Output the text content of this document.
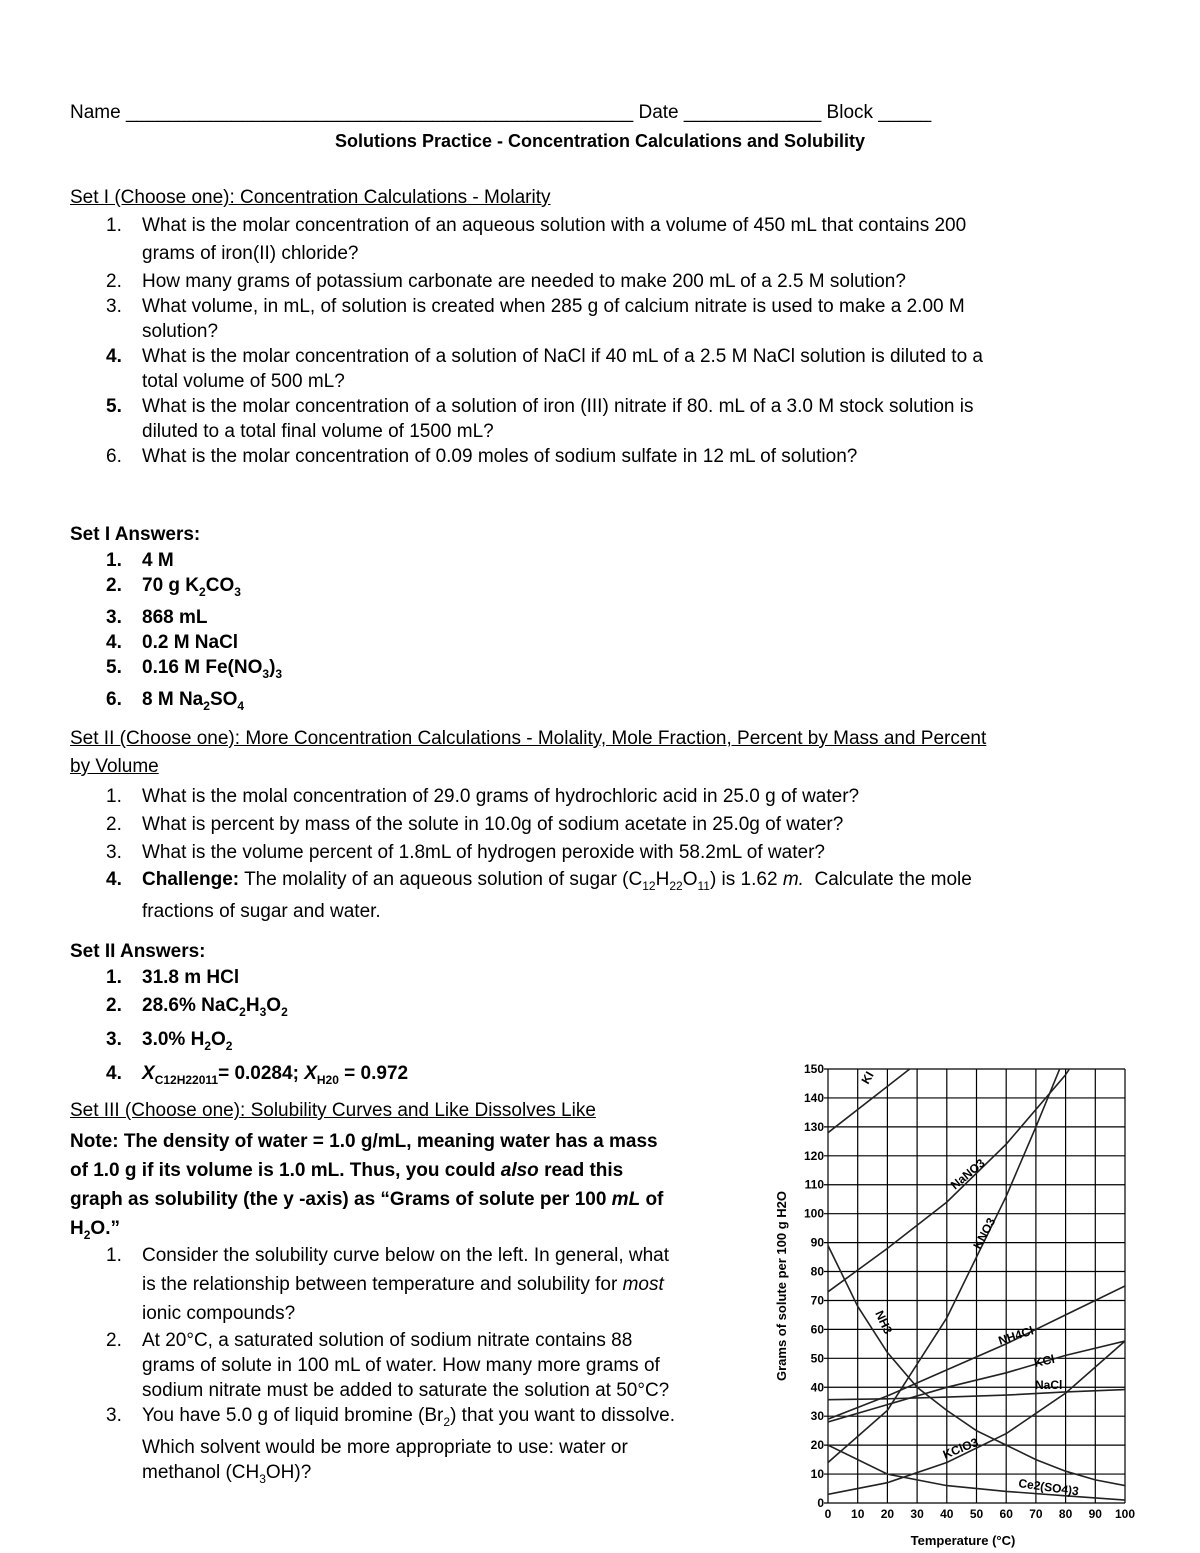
Name ________________________________________________ Date _____________ Block _____
Solutions Practice - Concentration Calculations and Solubility
Set I (Choose one): Concentration Calculations - Molarity
1. What is the molar concentration of an aqueous solution with a volume of 450 mL that contains 200
grams of iron(II) chloride?
2. How many grams of potassium carbonate are needed to make 200 mL of a 2.5 M solution?
3. What volume, in mL, of solution is created when 285 g of calcium nitrate is used to make a 2.00 M
solution?
4. What is the molar concentration of a solution of NaCl if 40 mL of a 2.5 M NaCl solution is diluted to a
total volume of 500 mL?
5. What is the molar concentration of a solution of iron (III) nitrate if 80. mL of a 3.0 M stock solution is
diluted to a total final volume of 1500 mL?
6. What is the molar concentration of 0.09 moles of sodium sulfate in 12 mL of solution?
Set I Answers:
1. 4 M
2. 70 g $K_2CO_3$
3. 868 mL
4. 0.2 M NaCl
5. 0.16 M $Fe(NO_3)_3$
6. 8 M $Na_2SO_4$
Set II (Choose one): More Concentration Calculations - Molality, Mole Fraction, Percent by Mass and Percent
by Volume
1. What is the molal concentration of 29.0 grams of hydrochloric acid in 25.0 g of water?
2. What is percent by mass of the solute in 10.0g of sodium acetate in 25.0g of water?
3. What is the volume percent of 1.8mL of hydrogen peroxide with 58.2mL of water?
4. Challenge: The molality of an aqueous solution of sugar $(C_{12}H_{22}O_{11})$ is 1.62 m. Calculate the mole
fractions of sugar and water.
Set II Answers:
1. 31.8 m HCl
2. 28.6% $NaC_2H_3O_2$
3. 3.0% $H_2O_2$
4. $X_{C12H22011}= 0.0284$; $X_{H20} = 0.972$
Set III (Choose one): Solubility Curves and Like Dissolves Like
Note: The density of water = 1.0 g/mL, meaning water has a mass
of 1.0 g if its volume is 1.0 mL. Thus, you could also read this
graph as solubility (the y -axis) as “Grams of solute per 100 mL of
$H_2O$.”
1. Consider the solubility curve below on the left. In general, what
is the relationship between temperature and solubility for most
ionic compounds?
2. At 20°C, a saturated solution of sodium nitrate contains 88
grams of solute in 100 mL of water. How many more grams of
sodium nitrate must be added to saturate the solution at 50°C?
3. You have 5.0 g of liquid bromine $(Br_2)$ that you want to dissolve.
Which solvent would be more appropriate to use: water or
methanol $(CH_3OH)$?
0 10 20 30 40 50 60 70 80 90 100
0
10
20
30
40
50
60
70
80
90
100
110
120
130
140
150
KI
NaNO3
KNO3
NH3	NH4Cl
KCl
NaCl
KClO3
Ce2(SO4)3
Grams of solute per 100 g H2O
Temperature (°C)
